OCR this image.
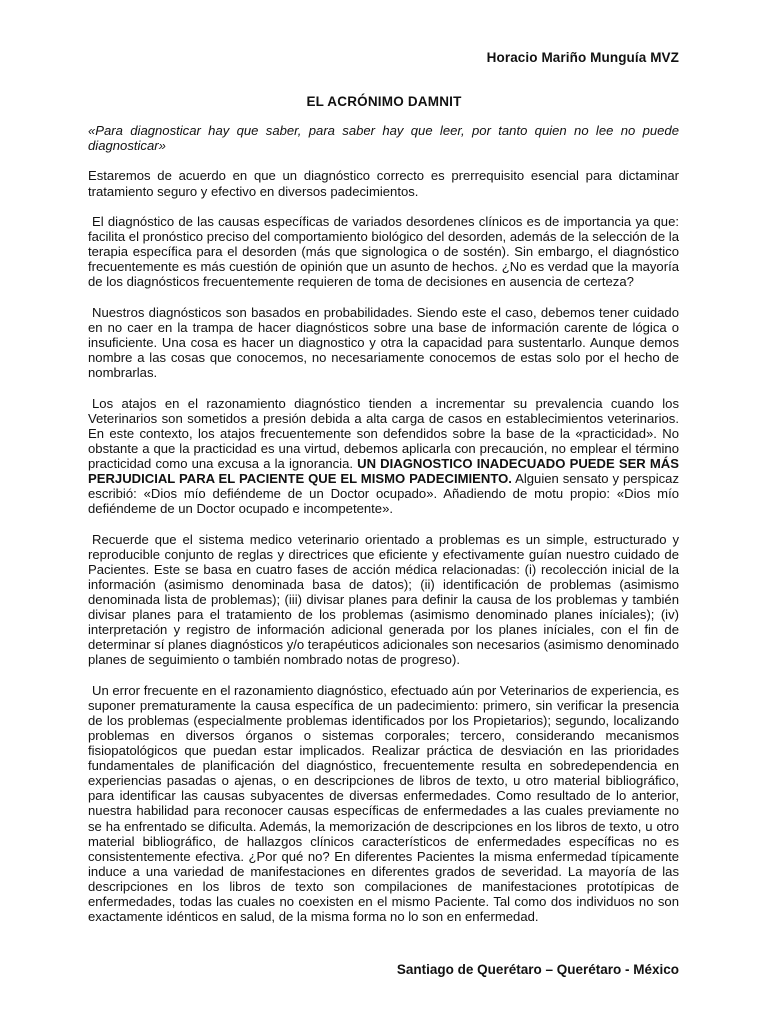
Horacio Mariño Munguía MVZ
EL ACRÓNIMO DAMNIT

«Para diagnosticar hay que saber, para saber hay que leer, por tanto quien no lee no puede diagnosticar»

Estaremos de acuerdo en que un diagnóstico correcto es prerrequisito esencial para dictaminar tratamiento seguro y efectivo en diversos padecimientos.

El diagnóstico de las causas específicas de variados desordenes clínicos es de importancia ya que: facilita el pronóstico preciso del comportamiento biológico del desorden, además de la selección de la terapia específica para el desorden (más que signologica o de sostén). Sin embargo, el diagnóstico frecuentemente es más cuestión de opinión que un asunto de hechos. ¿No es verdad que la mayoría de los diagnósticos frecuentemente requieren de toma de decisiones en ausencia de certeza?

Nuestros diagnósticos son basados en probabilidades. Siendo este el caso, debemos tener cuidado en no caer en la trampa de hacer diagnósticos sobre una base de información carente de lógica o insuficiente. Una cosa es hacer un diagnostico y otra la capacidad para sustentarlo. Aunque demos nombre a las cosas que conocemos, no necesariamente conocemos de estas solo por el hecho de nombrarlas.

Los atajos en el razonamiento diagnóstico tienden a incrementar su prevalencia cuando los Veterinarios son sometidos a presión debida a alta carga de casos en establecimientos veterinarios. En este contexto, los atajos frecuentemente son defendidos sobre la base de la «practicidad». No obstante a que la practicidad es una virtud, debemos aplicarla con precaución, no emplear el término practicidad como una excusa a la ignorancia. UN DIAGNOSTICO INADECUADO PUEDE SER MÁS PERJUDICIAL PARA EL PACIENTE QUE EL MISMO PADECIMIENTO. Alguien sensato y perspicaz escribió: «Dios mío defiéndeme de un Doctor ocupado». Añadiendo de motu propio: «Dios mío defiéndeme de un Doctor ocupado e incompetente».

Recuerde que el sistema medico veterinario orientado a problemas es un simple, estructurado y reproducible conjunto de reglas y directrices que eficiente y efectivamente guían nuestro cuidado de Pacientes. Este se basa en cuatro fases de acción médica relacionadas: (i) recolección inicial de la información (asimismo denominada basa de datos); (ii) identificación de problemas (asimismo denominada lista de problemas); (iii) divisar planes para definir la causa de los problemas y también divisar planes para el tratamiento de los problemas (asimismo denominado planes iníciales); (iv) interpretación y registro de información adicional generada por los planes iníciales, con el fin de determinar sí planes diagnósticos y/o terapéuticos adicionales son necesarios (asimismo denominado planes de seguimiento o también nombrado notas de progreso).

Un error frecuente en el razonamiento diagnóstico, efectuado aún por Veterinarios de experiencia, es suponer prematuramente la causa específica de un padecimiento: primero, sin verificar la presencia de los problemas (especialmente problemas identificados por los Propietarios); segundo, localizando problemas en diversos órganos o sistemas corporales; tercero, considerando mecanismos fisiopatológicos que puedan estar implicados. Realizar práctica de desviación en las prioridades fundamentales de planificación del diagnóstico, frecuentemente resulta en sobredependencia en experiencias pasadas o ajenas, o en descripciones de libros de texto, u otro material bibliográfico, para identificar las causas subyacentes de diversas enfermedades. Como resultado de lo anterior, nuestra habilidad para reconocer causas específicas de enfermedades a las cuales previamente no se ha enfrentado se dificulta. Además, la memorización de descripciones en los libros de texto, u otro material bibliográfico, de hallazgos clínicos característicos de enfermedades específicas no es consistentemente efectiva. ¿Por qué no? En diferentes Pacientes la misma enfermedad típicamente induce a una variedad de manifestaciones en diferentes grados de severidad. La mayoría de las descripciones en los libros de texto son compilaciones de manifestaciones prototípicas de enfermedades, todas las cuales no coexisten en el mismo Paciente. Tal como dos individuos no son exactamente idénticos en salud, de la misma forma no lo son en enfermedad.

Santiago de Querétaro – Querétaro - México
